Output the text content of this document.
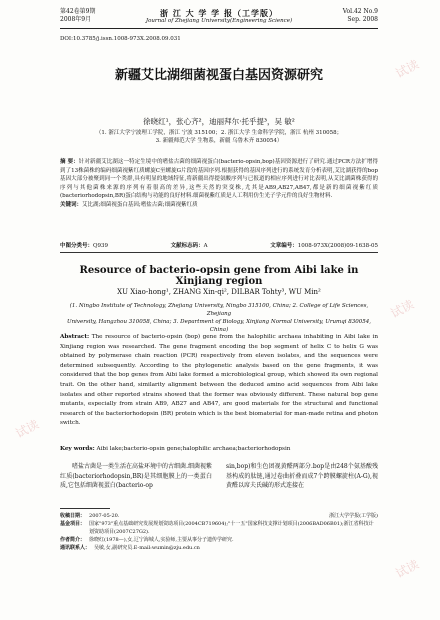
第42卷第9期
2008年9月
浙 江 大 学 学 报（工学版）
Journal of Zhejiang University(Engineering Science)
Vol.42 No.9
Sep. 2008
DOI:10.3785/j.issn.1008-973X.2008.09.031
新疆艾比湖细菌视蛋白基因资源研究
徐晓红¹，张心齐²，迪丽拜尔·托乎提³，吴 敏²
（1. 浙江大学宁波理工学院，浙江 宁波 315100；2. 浙江大学 生命科学学院，浙江 杭州 310058；
3. 新疆师范大学 生物系，新疆 乌鲁木齐 830054）
摘 要：针对新疆艾比湖这一特定生境中的嗜盐古菌的细菌视蛋白(bacterio-opsin,bop)基因资源进行了研究.通过PCR方法扩增得到了13株菌株的编码细菌视紫红质螺旋C至螺旋G片段的基因序列.根据获得的基因序列进行的系统发育分析表明,艾比湖获得的bop基因大部分被聚到同一个类群,具有明显的地域特征,将新疆出得提氨酸序列与已报道的相应序列进行对比表明,从艾比湖菌株获得的序列与其他菌株来源的序列有着很高的差异,这些天然的突变株,尤其是AB9,AB27,AB47,都是新的细菌视紫红质(bacteriorhodopsin,BR)蛋白结构与功能的良好材料.细菌视紫红质是人工利用仿生光子学元件的良好生物材料.
关键词：艾比湖;细菌视蛋白基因;嗜盐古菌;细菌视紫红质
中图分类号：Q939	文献标志码：A	文章编号：1008-973X(2008)09-1638-05
Resource of bacterio-opsin gene from Aibi lake in Xinjiang region
XU Xiao-hong¹, ZHANG Xin-qi², DILBAR Tohty³, WU Min²
(1. Ningbo Institute of Technology, Zhejiang University, Ningbo 315100, China; 2. College of Life Sciences, Zhejiang
University, Hangzhou 310058, China; 3. Department of Biology, Xinjiang Normal University, Urumqi 830054, China)
Abstract: The resource of bacterio-opsin (bop) gene from the halophilic archaea inhabiting in Aibi lake in Xinjiang region was researched. The gene fragment encoding the bop segment of helix C to helix G was obtained by polymerase chain reaction (PCR) respectively from eleven isolates, and the sequences were determined subsequently. According to the phylogenetic analysis based on the gene fragments, it was considered that the bop genes from Aibi lake formed a microbiological group, which showed its own regional trait. On the other hand, similarity alignment between the deduced amino acid sequences from Aibi lake isolates and other reported strains showed that the former was obviously different. These natural bop gene mutants, especially from strain AB9, AB27 and AB47, are good materials for the structural and functional research of the bacteriorhodopsin (BR) protein which is the best biomaterial for man-made retina and photon switch.
Key words: Aibi lake;bacterio-opsin gene;halophilic archaea;bacteriorhodopsin
嗜盐古菌是一类生活在高盐环境中的古细菌.细菌视紫红质(bacteriorhodopsin,BR)是其细胞膜上的一类蛋白质,它包括细菌视蛋白(bacterio-op
sin,bop)和生色团视黄醛两部分.bop是由248个氨基酸残基构成的肽链,通过卷曲折叠而成7个跨膜螺旋柱(A-G),视黄醛以席夫氏碱的形式连接在
收稿日期： 2007-05-20.	浙江大学学报(工学版)
基金项目： 国家"973"重点基础研究发展规划资助项目(2004CB719604);"十一五"国家科技支撑计划项目(2006BAD06B01);浙江省科技计划资助项目(2007C27G2).
作者简介： 徐晓红(1978—),女,辽宁海城人,实验师,主要从事分子遗传学研究.
通讯联系人： 吴敏,女,副研究员.E-mail:wumin@zju.edu.cn
试读
试读
试读
试读
